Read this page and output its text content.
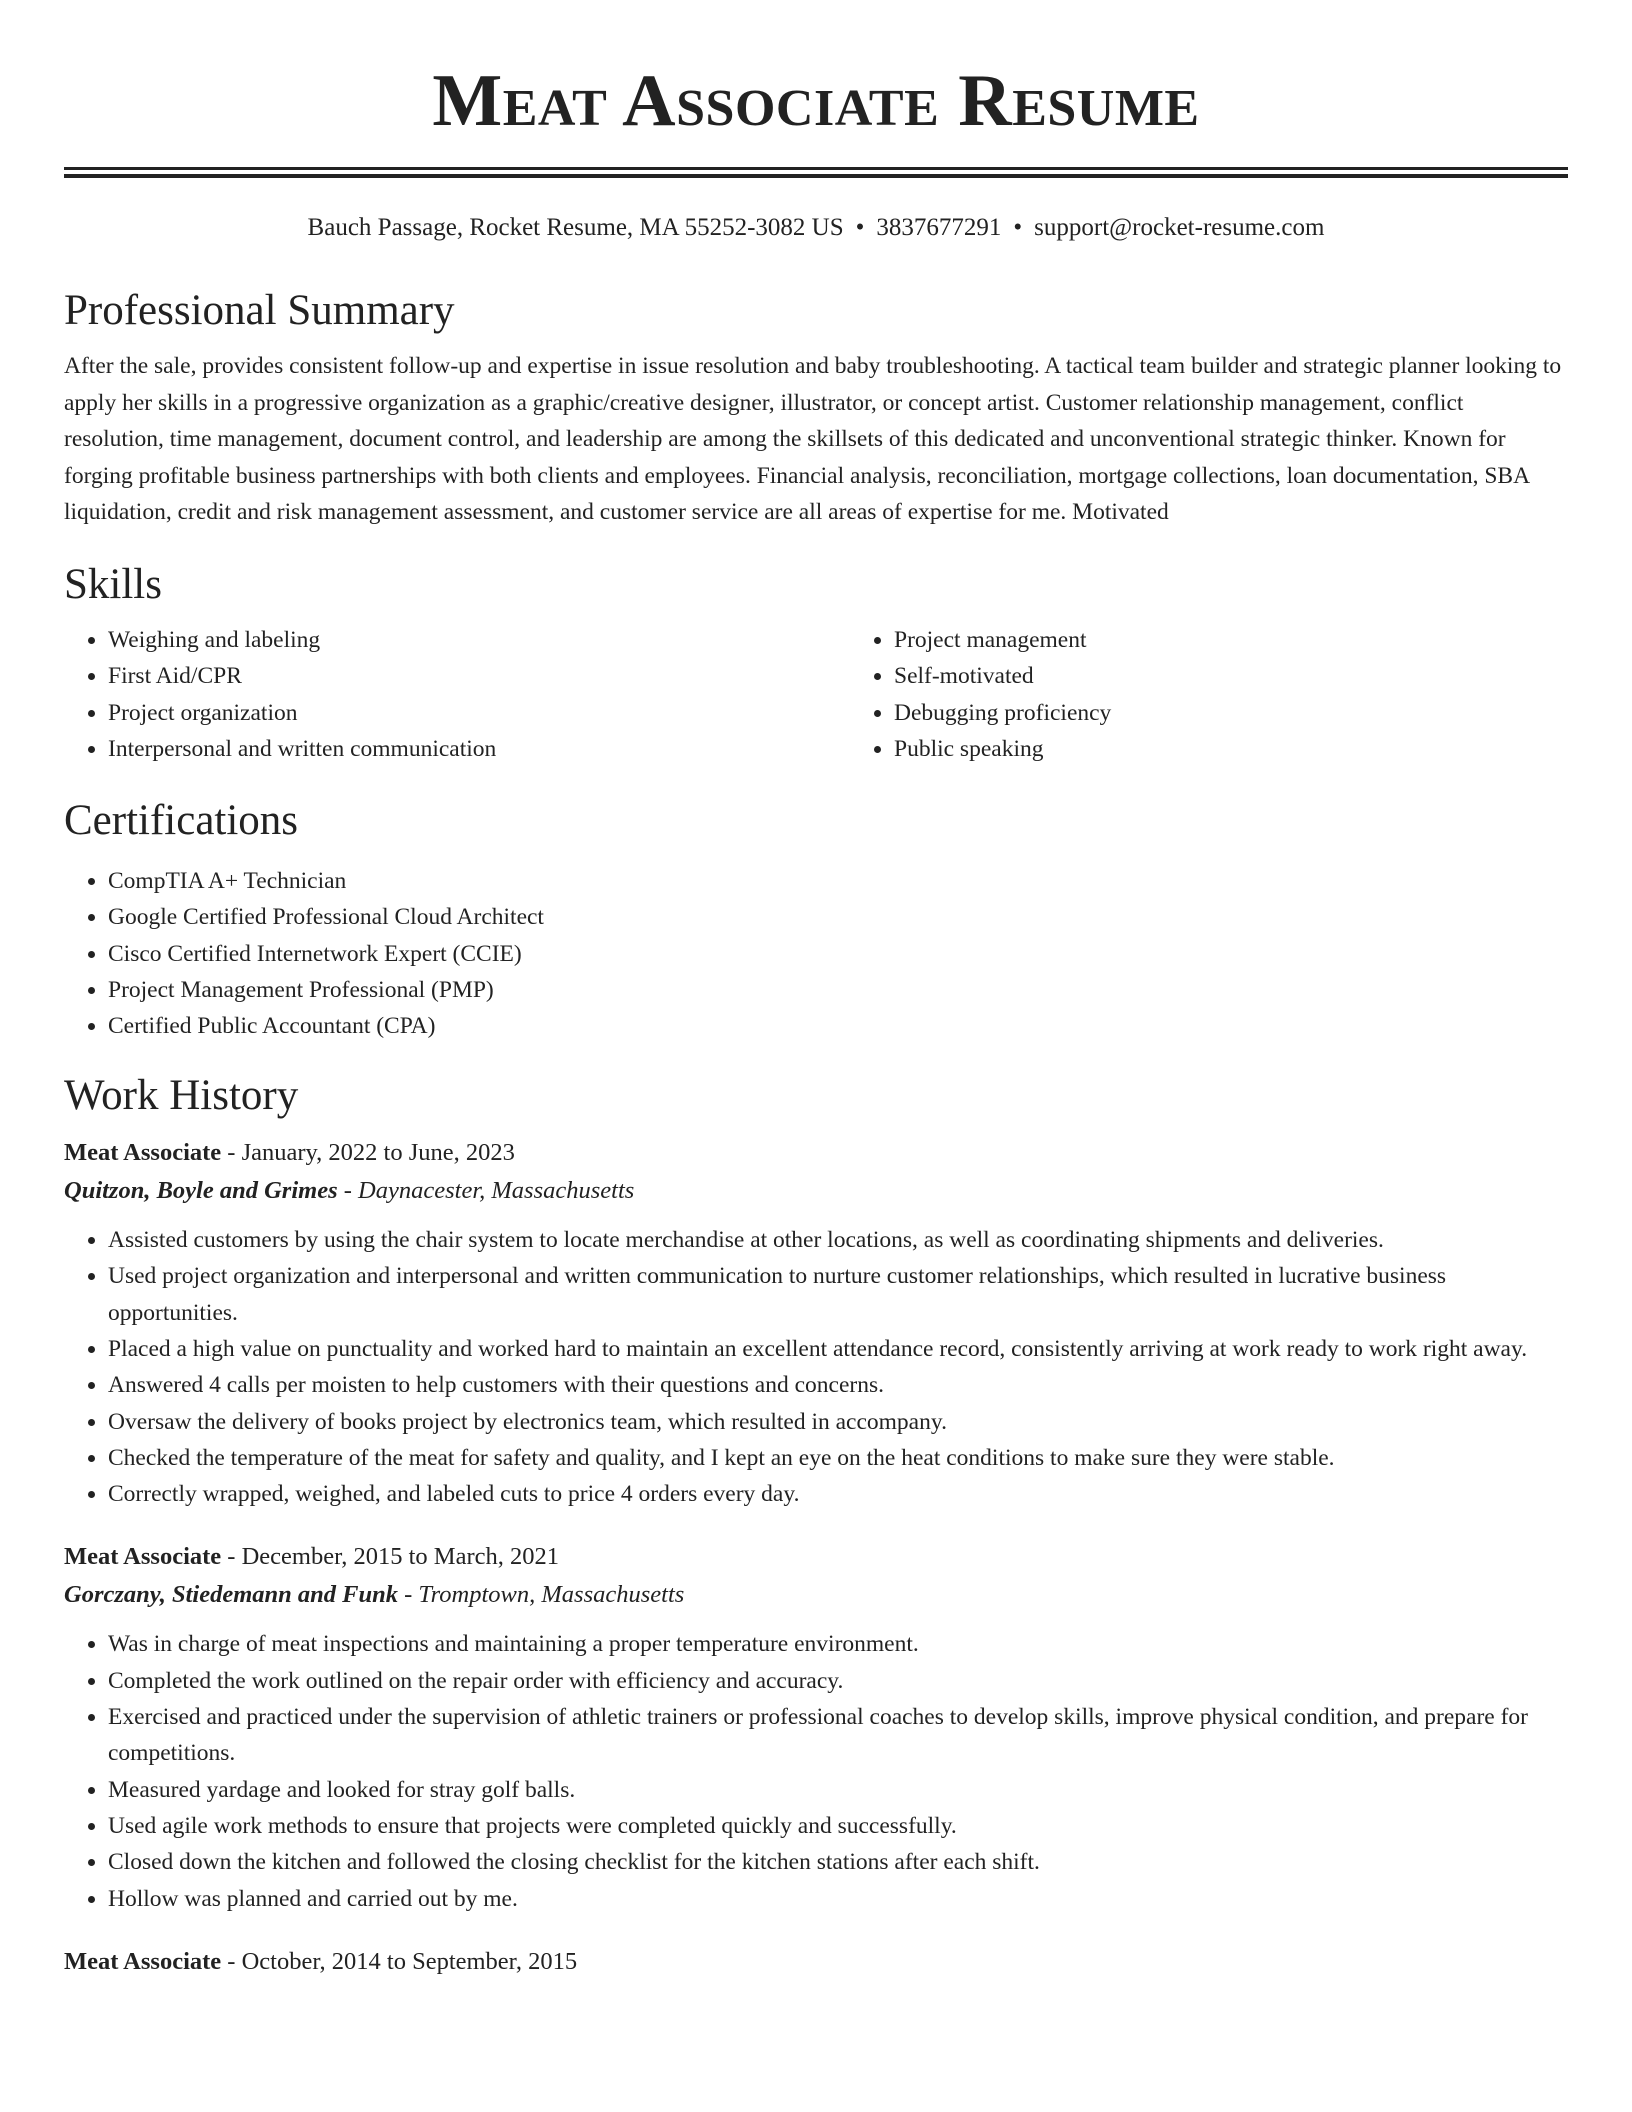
Meat Associate Resume
Bauch Passage, Rocket Resume, MA 55252-3082 US • 3837677291 • support@rocket-resume.com
Professional Summary

After the sale, provides consistent follow-up and expertise in issue resolution and baby troubleshooting. A tactical team builder and strategic planner looking to apply her skills in a progressive organization as a graphic/creative designer, illustrator, or concept artist. Customer relationship management, conflict resolution, time management, document control, and leadership are among the skillsets of this dedicated and unconventional strategic thinker. Known for forging profitable business partnerships with both clients and employees. Financial analysis, reconciliation, mortgage collections, loan documentation, SBA liquidation, credit and risk management assessment, and customer service are all areas of expertise for me. Motivated

Skills
• Weighing and labeling
• First Aid/CPR
• Project organization
• Interpersonal and written communication
• Project management
• Self-motivated
• Debugging proficiency
• Public speaking
Certifications
• CompTIA A+ Technician
• Google Certified Professional Cloud Architect
• Cisco Certified Internetwork Expert (CCIE)
• Project Management Professional (PMP)
• Certified Public Accountant (CPA)
Work History
Meat Associate - January, 2022 to June, 2023
Quitzon, Boyle and Grimes - Daynacester, Massachusetts
• Assisted customers by using the chair system to locate merchandise at other locations, as well as coordinating shipments and deliveries.
• Used project organization and interpersonal and written communication to nurture customer relationships, which resulted in lucrative business opportunities.
• Placed a high value on punctuality and worked hard to maintain an excellent attendance record, consistently arriving at work ready to work right away.
• Answered 4 calls per moisten to help customers with their questions and concerns.
• Oversaw the delivery of books project by electronics team, which resulted in accompany.
• Checked the temperature of the meat for safety and quality, and I kept an eye on the heat conditions to make sure they were stable.
• Correctly wrapped, weighed, and labeled cuts to price 4 orders every day.
Meat Associate - December, 2015 to March, 2021
Gorczany, Stiedemann and Funk - Tromptown, Massachusetts
• Was in charge of meat inspections and maintaining a proper temperature environment.
• Completed the work outlined on the repair order with efficiency and accuracy.
• Exercised and practiced under the supervision of athletic trainers or professional coaches to develop skills, improve physical condition, and prepare for competitions.
• Measured yardage and looked for stray golf balls.
• Used agile work methods to ensure that projects were completed quickly and successfully.
• Closed down the kitchen and followed the closing checklist for the kitchen stations after each shift.
• Hollow was planned and carried out by me.
Meat Associate - October, 2014 to September, 2015
